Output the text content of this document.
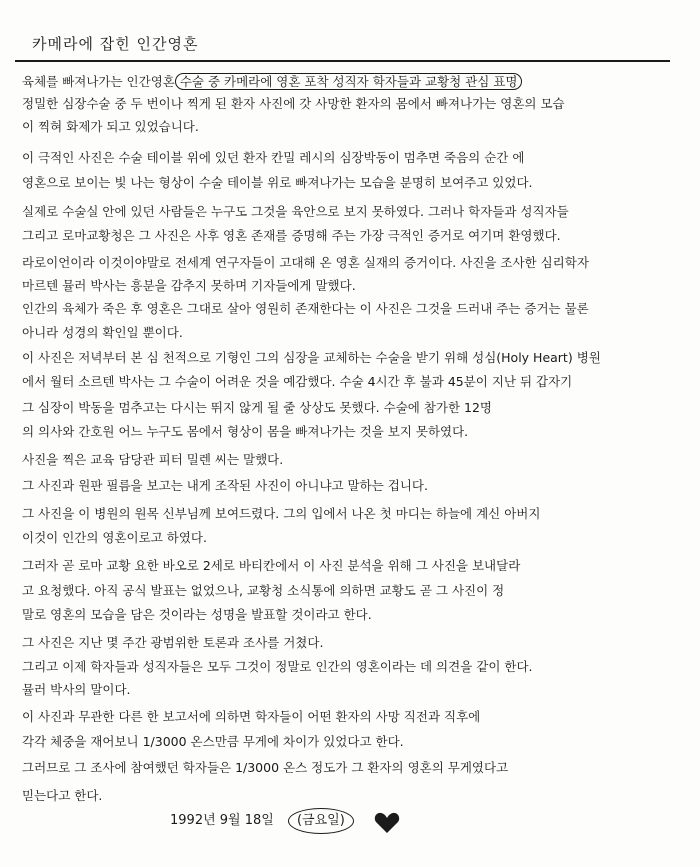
카메라에 잡힌 인간영혼
육체를 빠져나가는 인간영혼 수술 중 카메라에 영혼 포착 성직자 학자들과 교황청 관심 표명
정밀한 심장수술 중 두 번이나 찍게 된 환자 사진에 갓 사망한 환자의 몸에서 빠져나가는 영혼의 모습
이 찍혀 화제가 되고 있었습니다.
이 극적인 사진은 수술 테이블 위에 있던 환자 칸밀 레시의 심장박동이 멈추면 죽음의 순간 에
영혼으로 보이는 빛 나는 형상이 수술 테이블 위로 빠져나가는 모습을 분명히 보여주고 있었다.
실제로 수술실 안에 있던 사람들은 누구도 그것을 육안으로 보지 못하였다. 그러나 학자들과 성직자들
그리고 로마교황청은 그 사진은 사후 영혼 존재를 증명해 주는 가장 극적인 증거로 여기며 환영했다.
라로이언이라 이것이야말로 전세계 연구자들이 고대해 온 영혼 실재의 증거이다. 사진을 조사한 심리학자
마르텐 뮬러 박사는 흥분을 감추지 못하며 기자들에게 말했다.
인간의 육체가 죽은 후 영혼은 그대로 살아 영원히 존재한다는 이 사진은 그것을 드러내 주는 증거는 물론
아니라 성경의 확인일 뿐이다.
이 사진은 저녁부터 본 심 천적으로 기형인 그의 심장을 교체하는 수술을 받기 위해 성심(Holy Heart) 병원
에서 월터 소르텐 박사는 그 수술이 어려운 것을 예감했다. 수술 4시간 후 불과 45분이 지난 뒤 갑자기
그 심장이 박동을 멈추고는 다시는 뛰지 않게 될 줄 상상도 못했다. 수술에 참가한 12명
의 의사와 간호원 어느 누구도 몸에서 형상이 몸을 빠져나가는 것을 보지 못하였다.
사진을 찍은 교육 담당관 피터 밀렌 씨는 말했다.
그 사진과 원판 필름을 보고는 내게 조작된 사진이 아니냐고 말하는 겁니다.
그 사진을 이 병원의 원목 신부님께 보여드렸다. 그의 입에서 나온 첫 마디는 하늘에 계신 아버지
이것이 인간의 영혼이로고 하였다.
그러자 곧 로마 교황 요한 바오로 2세로 바티칸에서 이 사진 분석을 위해 그 사진을 보내달라
고 요청했다. 아직 공식 발표는 없었으나, 교황청 소식통에 의하면 교황도 곧 그 사진이 정
말로 영혼의 모습을 담은 것이라는 성명을 발표할 것이라고 한다.
그 사진은 지난 몇 주간 광범위한 토론과 조사를 거쳤다.
그리고 이제 학자들과 성직자들은 모두 그것이 정말로 인간의 영혼이라는 데 의견을 같이 한다.
뮬러 박사의 말이다.
이 사진과 무관한 다른 한 보고서에 의하면 학자들이 어떤 환자의 사망 직전과 직후에
각각 체중을 재어보니 1/3000 온스만큼 무게에 차이가 있었다고 한다.
그러므로 그 조사에 참여했던 학자들은 1/3000 온스 정도가 그 환자의 영혼의 무게였다고
믿는다고 한다.
1992년 9월 18일 (금요일)
